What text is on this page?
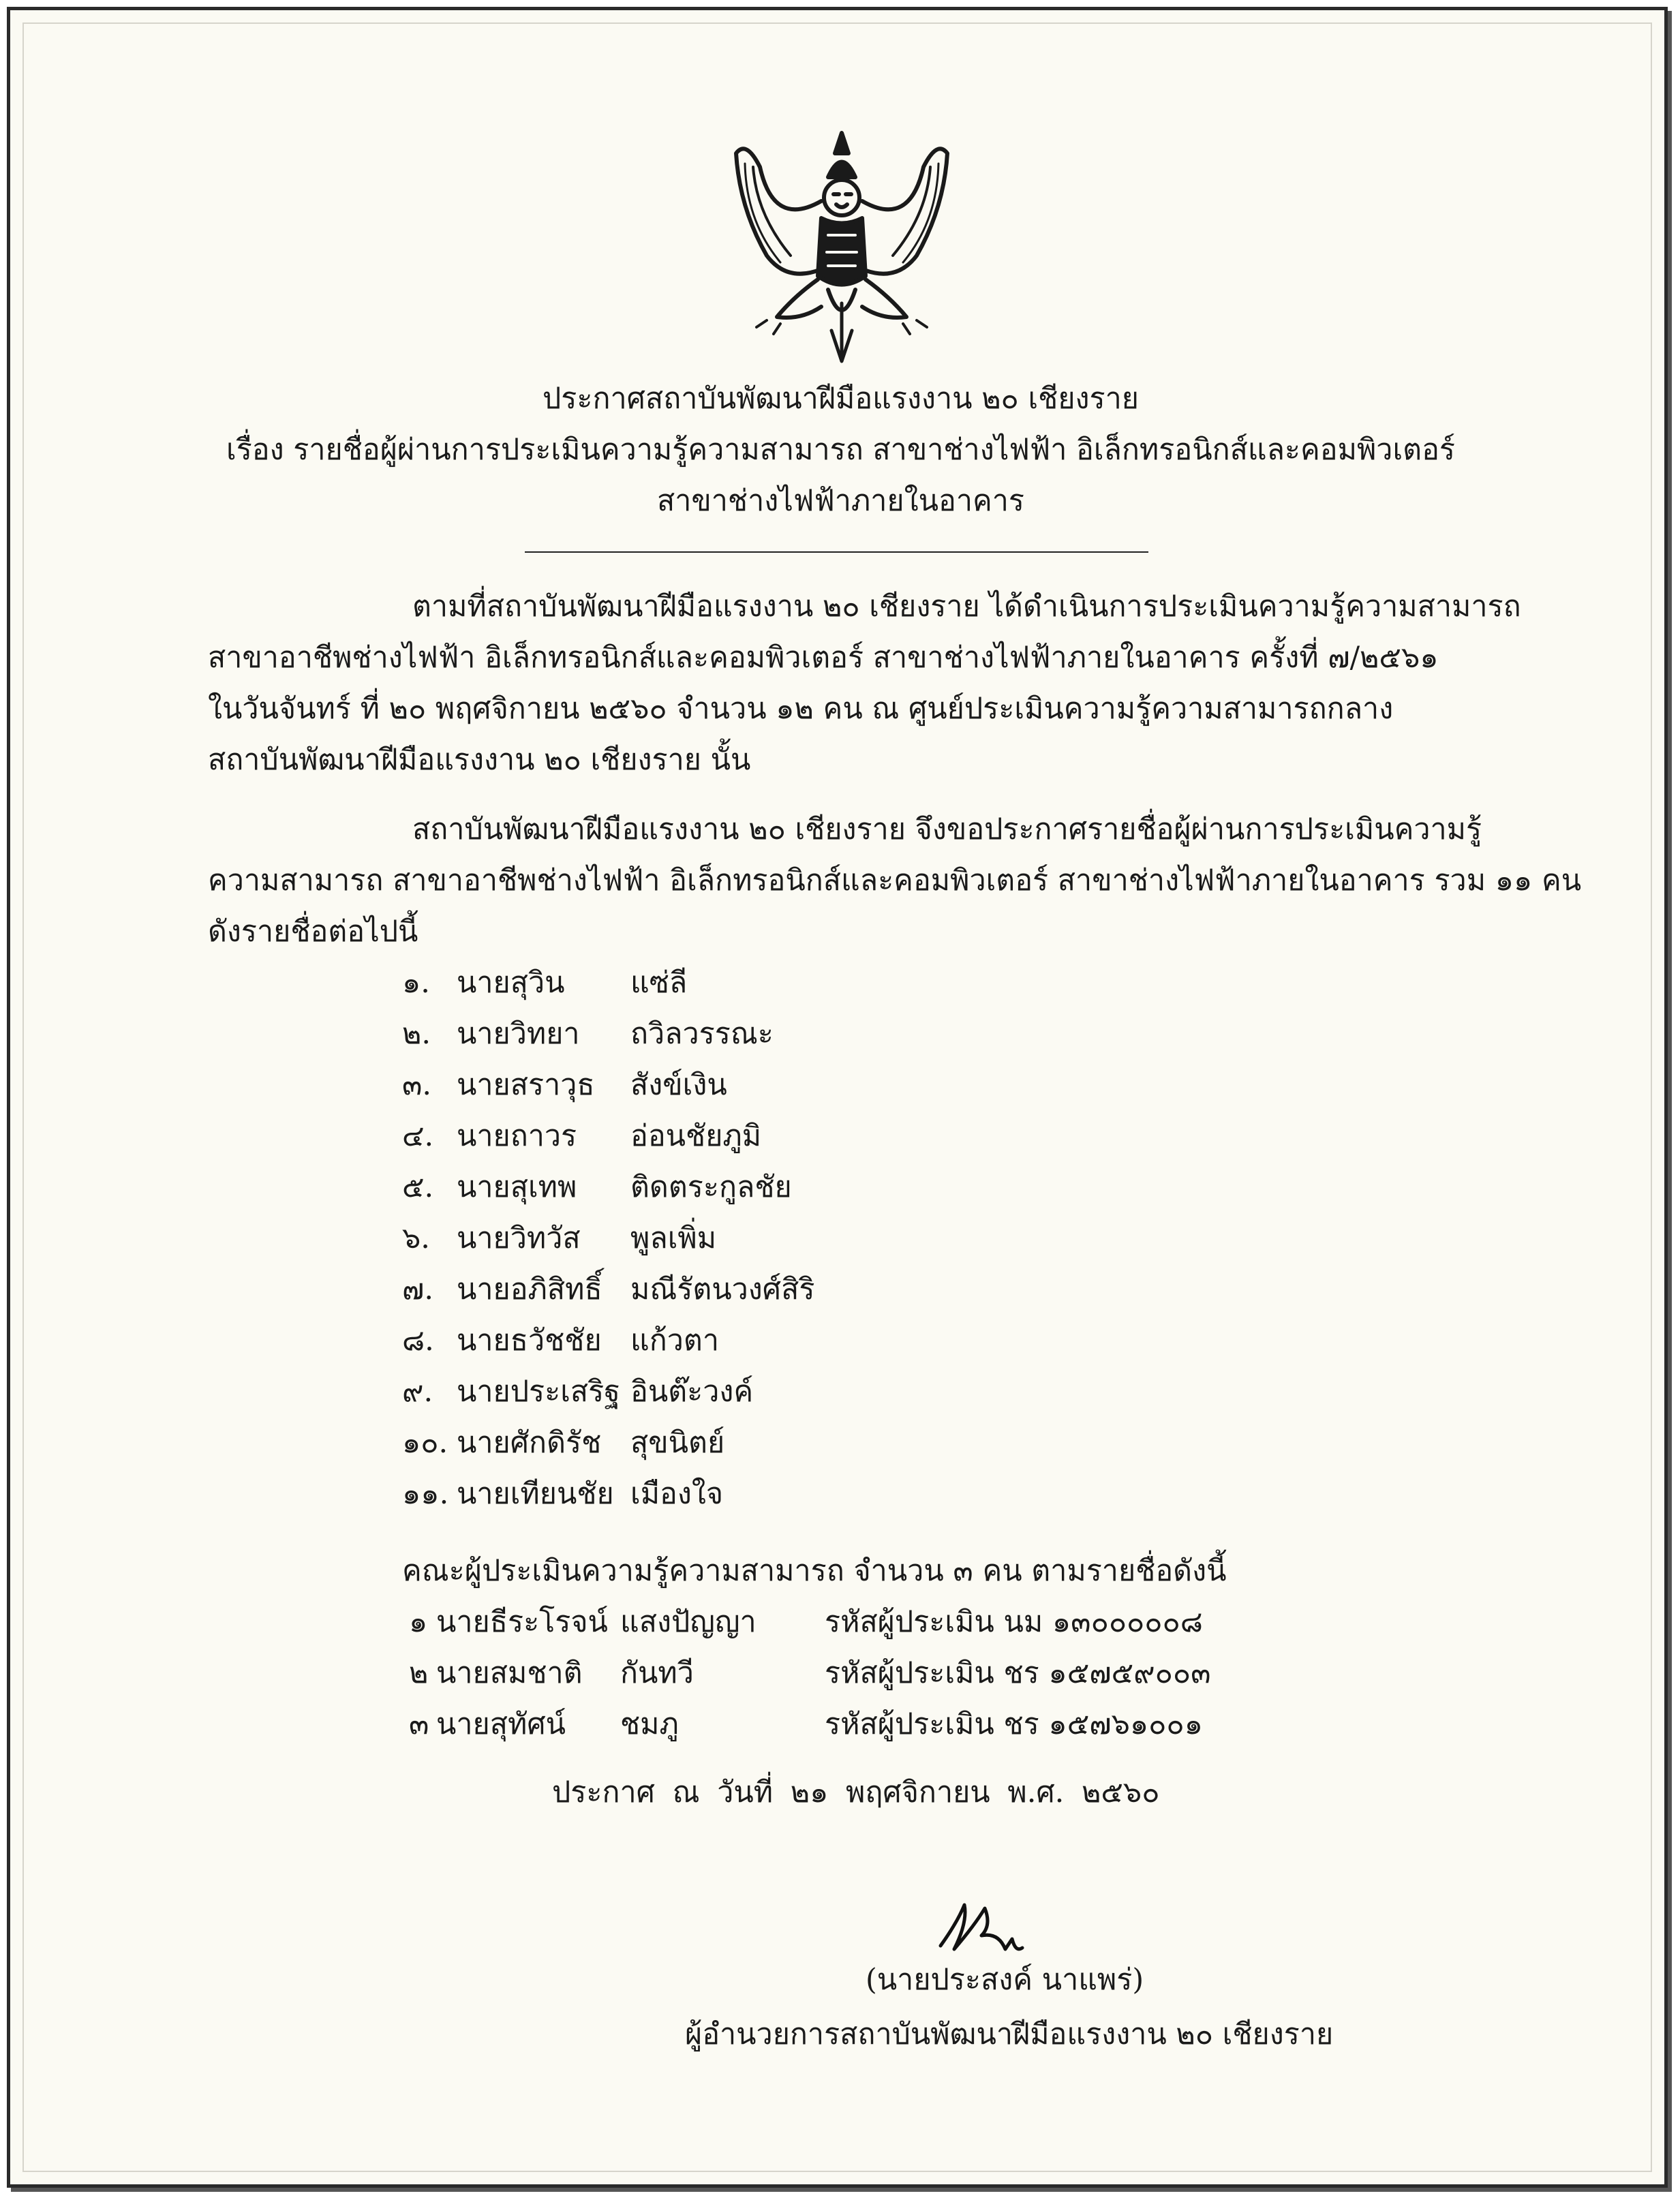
ประกาศสถาบันพัฒนาฝีมือแรงงาน ๒๐ เชียงราย
เรื่อง รายชื่อผู้ผ่านการประเมินความรู้ความสามารถ สาขาช่างไฟฟ้า อิเล็กทรอนิกส์และคอมพิวเตอร์
สาขาช่างไฟฟ้าภายในอาคาร
ตามที่สถาบันพัฒนาฝีมือแรงงาน ๒๐ เชียงราย ได้ดำเนินการประเมินความรู้ความสามารถ
สาขาอาชีพช่างไฟฟ้า อิเล็กทรอนิกส์และคอมพิวเตอร์ สาขาช่างไฟฟ้าภายในอาคาร ครั้งที่ ๗/๒๕๖๑
ในวันจันทร์ ที่ ๒๐ พฤศจิกายน ๒๕๖๐ จำนวน ๑๒ คน ณ ศูนย์ประเมินความรู้ความสามารถกลาง
สถาบันพัฒนาฝีมือแรงงาน ๒๐ เชียงราย นั้น
สถาบันพัฒนาฝีมือแรงงาน ๒๐ เชียงราย จึงขอประกาศรายชื่อผู้ผ่านการประเมินความรู้
ความสามารถ สาขาอาชีพช่างไฟฟ้า อิเล็กทรอนิกส์และคอมพิวเตอร์ สาขาช่างไฟฟ้าภายในอาคาร รวม ๑๑ คน
ดังรายชื่อต่อไปนี้
๑. นายสุวิน แซ่ลี
๒. นายวิทยา ถวิลวรรณะ
๓. นายสราวุธ สังข์เงิน
๔. นายถาวร อ่อนชัยภูมิ
๕. นายสุเทพ ติดตระกูลชัย
๖. นายวิทวัส พูลเพิ่ม
๗. นายอภิสิทธิ์ มณีรัตนวงศ์สิริ
๘. นายธวัชชัย แก้วตา
๙. นายประเสริฐ อินต๊ะวงค์
๑๐. นายศักดิรัช สุขนิตย์
๑๑. นายเทียนชัย เมืองใจ
คณะผู้ประเมินความรู้ความสามารถ จำนวน ๓ คน ตามรายชื่อดังนี้
๑ นายธีระโรจน์ แสงปัญญา รหัสผู้ประเมิน นม ๑๓๐๐๐๐๐๘
๒ นายสมชาติ กันทวี	รหัสผู้ประเมิน ชร ๑๕๗๕๙๐๐๓
๓ นายสุทัศน์ ชมภู	รหัสผู้ประเมิน ชร ๑๕๗๖๑๐๐๑
ประกาศ ณ วันที่ ๒๑ พฤศจิกายน พ.ศ. ๒๕๖๐
(นายประสงค์ นาแพร่)
ผู้อำนวยการสถาบันพัฒนาฝีมือแรงงาน ๒๐ เชียงราย
